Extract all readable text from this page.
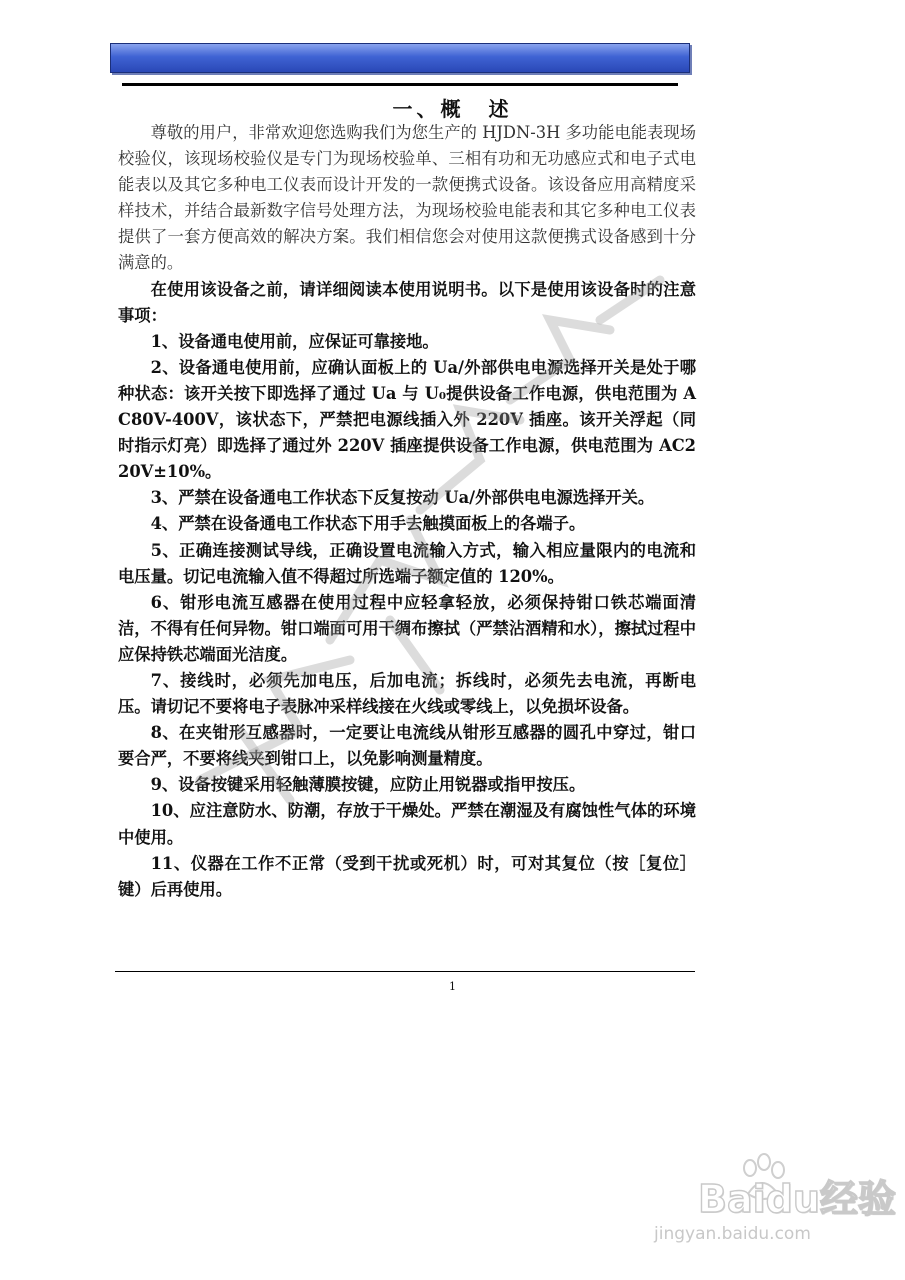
一、概　述

尊敬的用户，非常欢迎您选购我们为您生产的 HJDN-3H 多功能电能表现场校验仪，该现场校验仪是专门为现场校验单、三相有功和无功感应式和电子式电能表以及其它多种电工仪表而设计开发的一款便携式设备。该设备应用高精度采样技术，并结合最新数字信号处理方法，为现场校验电能表和其它多种电工仪表提供了一套方便高效的解决方案。我们相信您会对使用这款便携式设备感到十分满意的。

在使用该设备之前，请详细阅读本使用说明书。以下是使用该设备时的注意事项：

1、设备通电使用前，应保证可靠接地。

2、设备通电使用前，应确认面板上的 Ua/外部供电电源选择开关是处于哪种状态：该开关按下即选择了通过 Ua 与 U₀提供设备工作电源，供电范围为 AC80V-400V，该状态下，严禁把电源线插入外 220V 插座。该开关浮起（同时指示灯亮）即选择了通过外 220V 插座提供设备工作电源，供电范围为 AC220V±10%。

3、严禁在设备通电工作状态下反复按动 Ua/外部供电电源选择开关。

4、严禁在设备通电工作状态下用手去触摸面板上的各端子。

5、正确连接测试导线，正确设置电流输入方式，输入相应量限内的电流和电压量。切记电流输入值不得超过所选端子额定值的 120%。

6、钳形电流互感器在使用过程中应轻拿轻放，必须保持钳口铁芯端面清洁，不得有任何异物。钳口端面可用干绸布擦拭（严禁沾酒精和水），擦拭过程中应保持铁芯端面光洁度。

7、接线时，必须先加电压，后加电流；拆线时，必须先去电流，再断电压。请切记不要将电子表脉冲采样线接在火线或零线上，以免损坏设备。

8、在夹钳形互感器时，一定要让电流线从钳形互感器的圆孔中穿过，钳口要合严，不要将线夹到钳口上，以免影响测量精度。

9、设备按键采用轻触薄膜按键，应防止用锐器或指甲按压。

10、应注意防水、防潮，存放于干燥处。严禁在潮湿及有腐蚀性气体的环境中使用。

11、仪器在工作不正常（受到干扰或死机）时，可对其复位（按［复位］键）后再使用。

1
Baidu经验
jingyan.baidu.com
